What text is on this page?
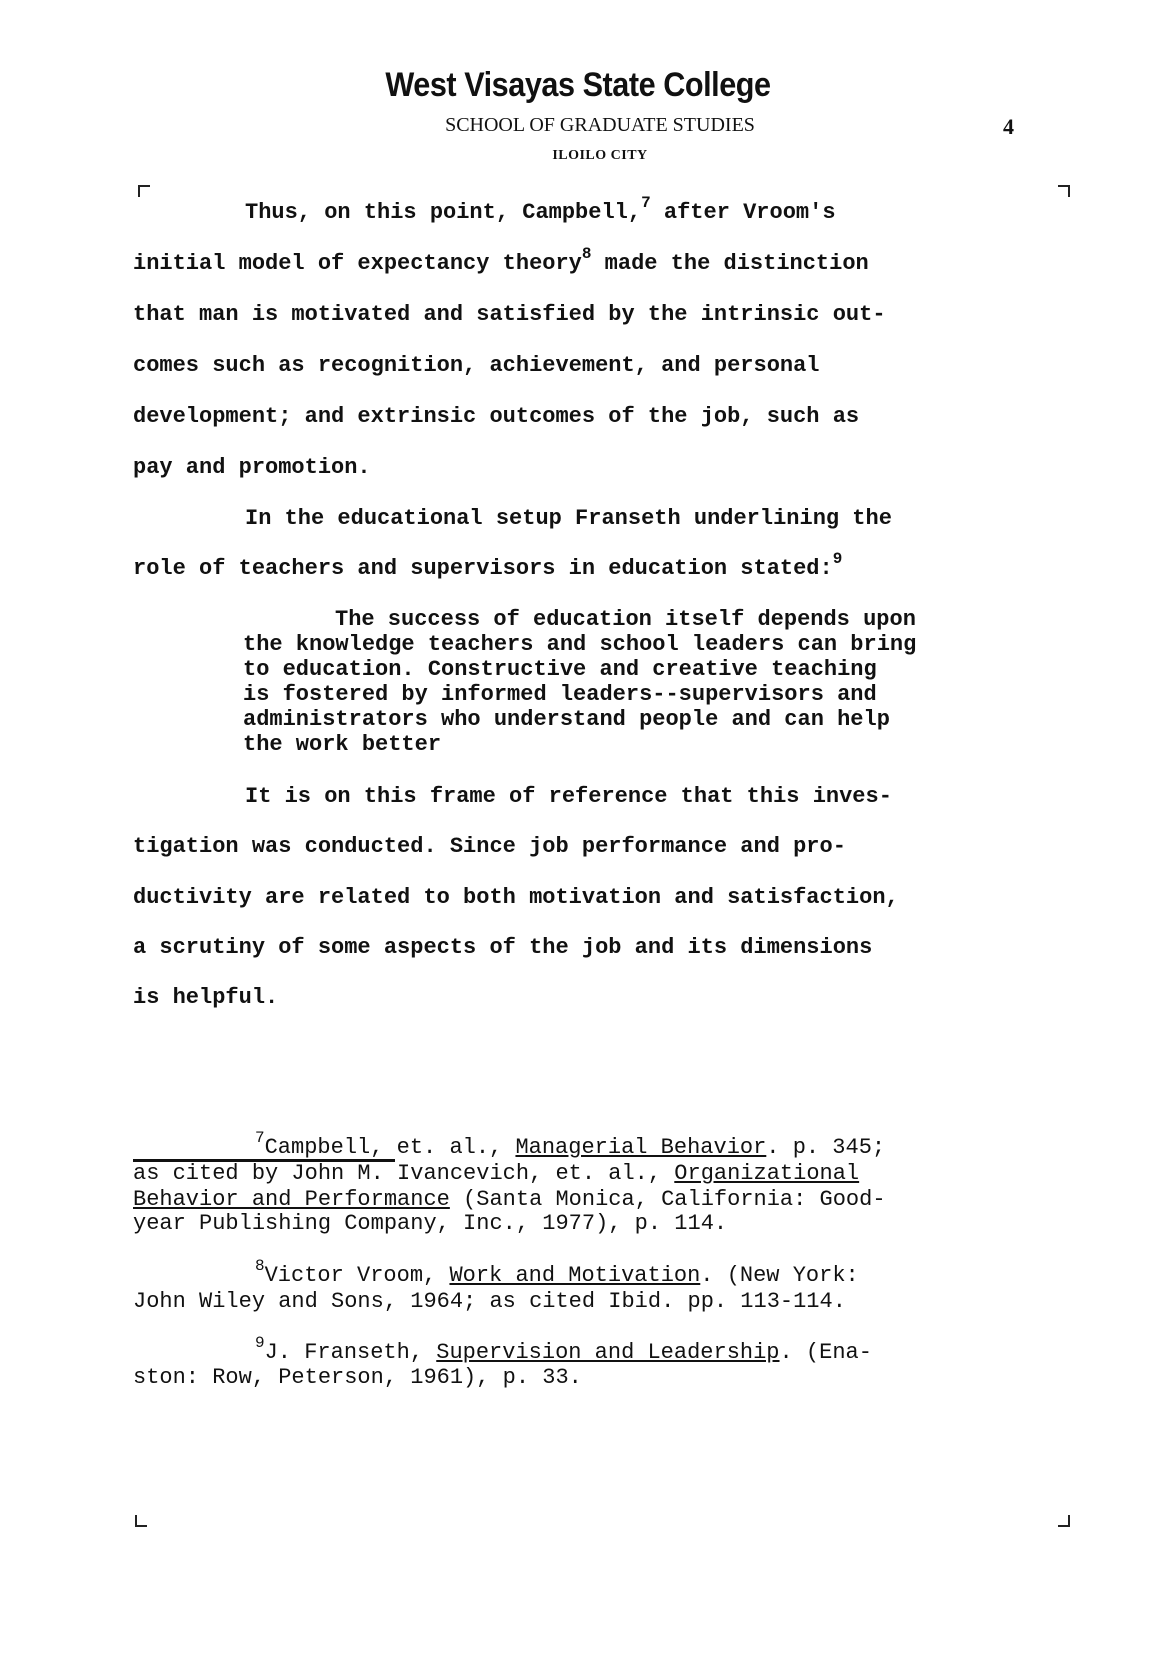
West Visayas State College
SCHOOL OF GRADUATE STUDIES
ILOILO CITY
4
Thus, on this point, Campbell,$^7$ after Vroom's
initial model of expectancy theory$^8$ made the distinction
that man is motivated and satisfied by the intrinsic out-
comes such as recognition, achievement, and personal
development; and extrinsic outcomes of the job, such as
pay and promotion.
In the educational setup Franseth underlining the
role of teachers and supervisors in education stated:$^9$
The success of education itself depends upon
the knowledge teachers and school leaders can bring
to education. Constructive and creative teaching
is fostered by informed leaders--supervisors and
administrators who understand people and can help
the work better
It is on this frame of reference that this inves-
tigation was conducted. Since job performance and pro-
ductivity are related to both motivation and satisfaction,
a scrutiny of some aspects of the job and its dimensions
is helpful.
$^7$Campbell, et. al., Managerial Behavior. p. 345;
as cited by John M. Ivancevich, et. al., Organizational
Behavior and Performance (Santa Monica, California: Good-
year Publishing Company, Inc., 1977), p. 114.
$^8$Victor Vroom, Work and Motivation. (New York:
John Wiley and Sons, 1964; as cited Ibid. pp. 113-114.
$^9$J. Franseth, Supervision and Leadership. (Ena-
ston: Row, Peterson, 1961), p. 33.
